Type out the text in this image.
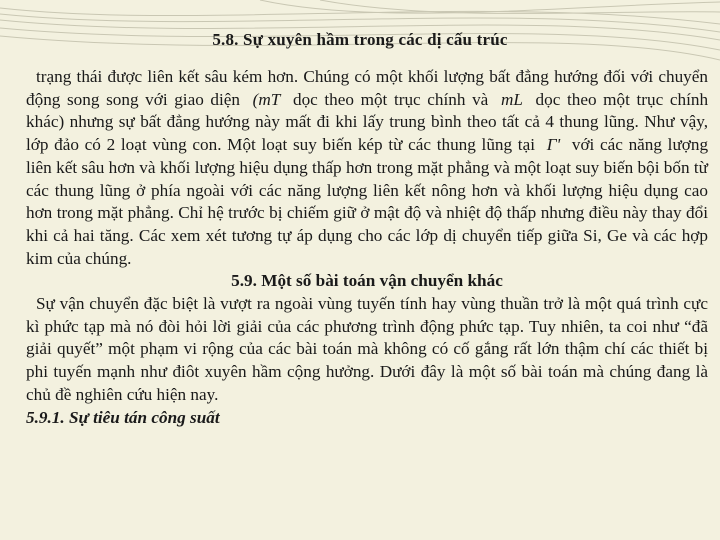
5.8. Sự xuyên hầm trong các dị cấu trúc

trạng thái được liên kết sâu kém hơn. Chúng có một khối lượng bất đẳng hướng đối với chuyển động song song với giao diện (mT dọc theo một trục chính và mL dọc theo một trục chính khác) nhưng sự bất đẳng hướng này mất đi khi lấy trung bình theo tất cả 4 thung lũng. Như vậy, lớp đảo có 2 loạt vùng con. Một loạt suy biến kép từ các thung lũng tại Γ' với các năng lượng liên kết sâu hơn và khối lượng hiệu dụng thấp hơn trong mặt phẳng và một loạt suy biến bội bốn từ các thung lũng ở phía ngoài với các năng lượng liên kết nông hơn và khối lượng hiệu dụng cao hơn trong mặt phẳng. Chỉ hệ trước bị chiếm giữ ở mật độ và nhiệt độ thấp nhưng điều này thay đổi khi cả hai tăng. Các xem xét tương tự áp dụng cho các lớp dị chuyển tiếp giữa Si, Ge và các hợp kim của chúng.

5.9. Một số bài toán vận chuyển khác

Sự vận chuyển đặc biệt là vượt ra ngoài vùng tuyến tính hay vùng thuần trở là một quá trình cực kì phức tạp mà nó đòi hỏi lời giải của các phương trình động phức tạp. Tuy nhiên, ta coi như “đã giải quyết” một phạm vi rộng của các bài toán mà không có cố gắng rất lớn thậm chí các thiết bị phi tuyến mạnh như điôt xuyên hầm cộng hưởng. Dưới đây là một số bài toán mà chúng đang là chủ đề nghiên cứu hiện nay.

5.9.1. Sự tiêu tán công suất
